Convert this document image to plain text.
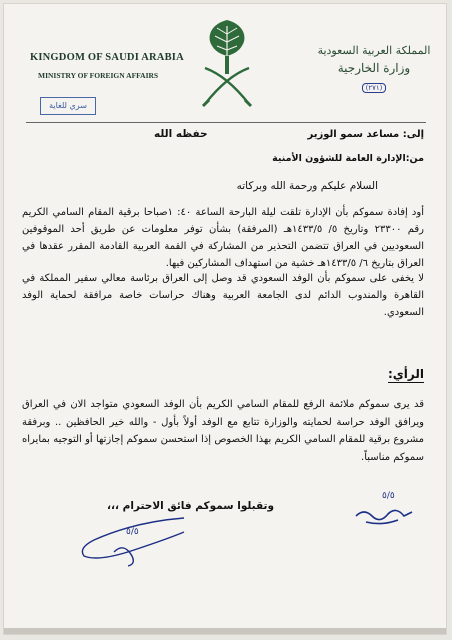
KINGDOM OF SAUDI ARABIA
MINISTRY OF FOREIGN AFFAIRS
سري للغاية
المملكة العربية السعودية
وزارة الخارجية
(٢٧١)
إلى: مساعد سمو الوزير
حفظه الله
من:الإدارة العامة للشؤون الأمنية
السلام عليكم ورحمة الله وبركاته
أود إفادة سموكم بأن الإدارة تلقت ليلة البارحة الساعة ٤٠: ١صباحا برقية المقام السامي الكريم رقم ٢٣٣٠٠ وتاريخ ٥/ ١٤٣٣/٥هـ (المرفقة) بشأن توفر معلومات عن طريق أحد الموقوفين السعوديين في العراق تتضمن التحذير من المشاركة في القمة العربية القادمة المقرر عقدها في العراق بتاريخ ٦/ ١٤٣٣/٥هـ خشية من استهداف المشاركين فيها.
لا يخفى على سموكم بأن الوفد السعودي قد وصل إلى العراق برئاسة معالي سفير المملكة في القاهرة والمندوب الدائم لدى الجامعة العربية وهناك حراسات خاصة مرافقة لحماية الوفد السعودي.
الرأي:
قد يرى سموكم ملائمة الرفع للمقام السامي الكريم بأن الوفد السعودي متواجد الان في العراق ويرافق الوفد حراسة لحمايته والوزارة تتابع مع الوفد أولاً بأول - والله خير الحافظين .. وبرفقة مشروع برقية للمقام السامي الكريم بهذا الخصوص إذا استحسن سموكم إجازتها أو التوجيه بمايراه سموكم مناسباً.
وتقبلوا سموكم فائق الاحترام ،،،
٥/٥
٥/٥
